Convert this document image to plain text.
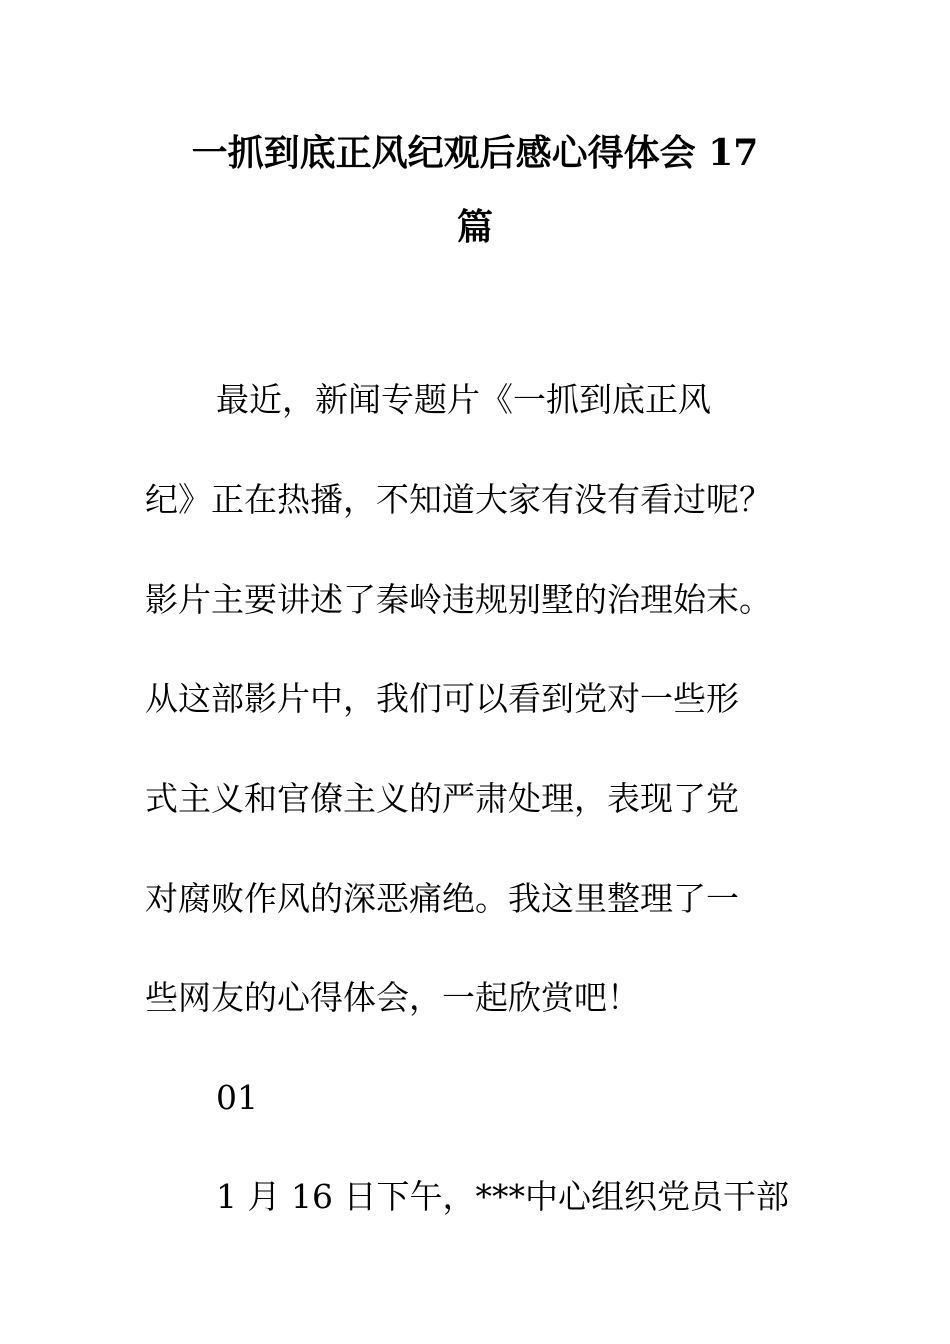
一抓到底正风纪观后感心得体会 17
篇
最近，新闻专题片《一抓到底正风
纪》正在热播，不知道大家有没有看过呢？
影片主要讲述了秦岭违规别墅的治理始末。
从这部影片中，我们可以看到党对一些形
式主义和官僚主义的严肃处理，表现了党
对腐败作风的深恶痛绝。我这里整理了一
些网友的心得体会，一起欣赏吧！
01
1 月 16 日下午，***中心组织党员干部
